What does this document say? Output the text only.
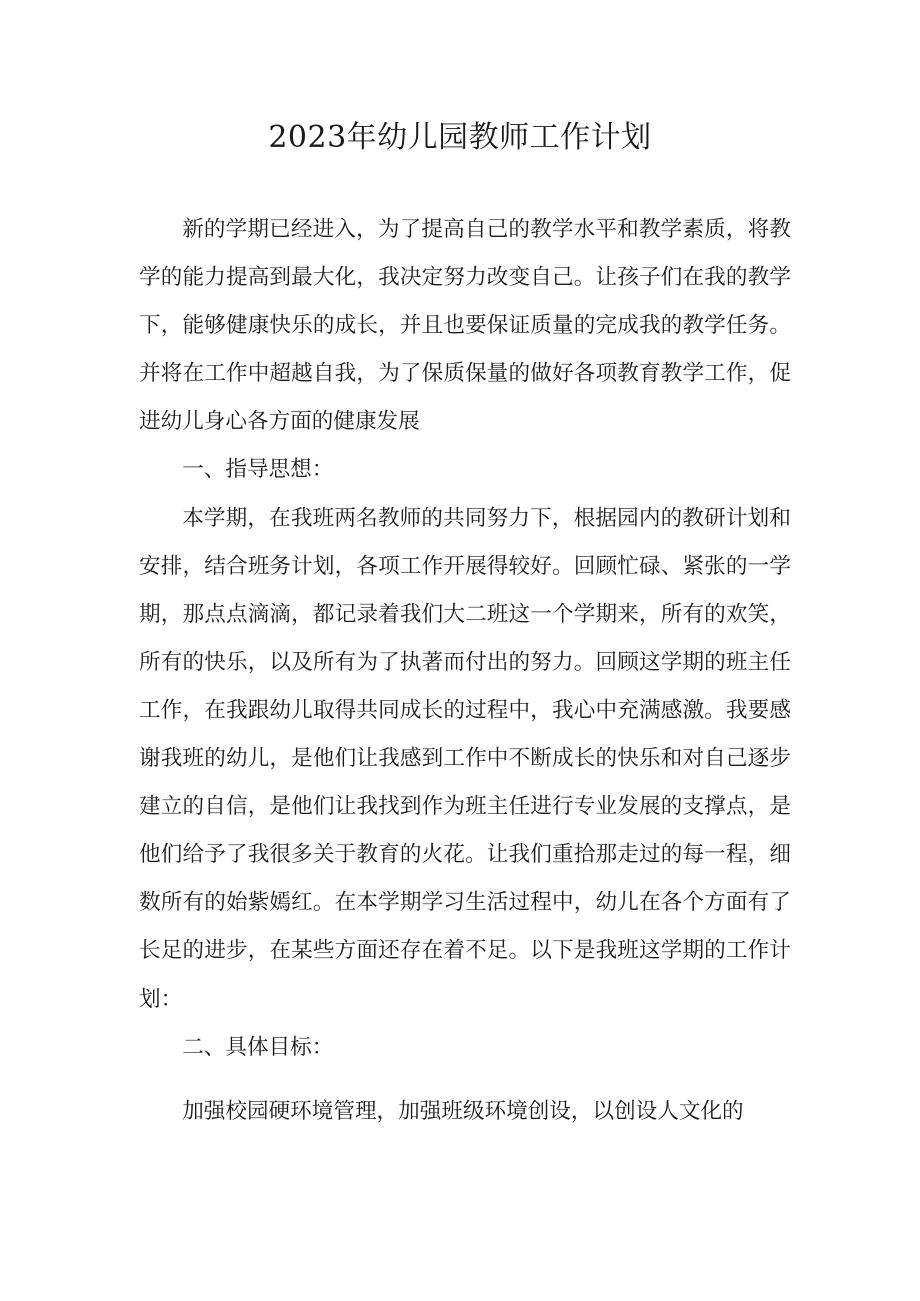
2023年幼儿园教师工作计划

新的学期已经进入，为了提高自己的教学水平和教学素质，将教学的能力提高到最大化，我决定努力改变自己。让孩子们在我的教学下，能够健康快乐的成长，并且也要保证质量的完成我的教学任务。并将在工作中超越自我，为了保质保量的做好各项教育教学工作，促进幼儿身心各方面的健康发展

一、指导思想：

本学期，在我班两名教师的共同努力下，根据园内的教研计划和安排，结合班务计划，各项工作开展得较好。回顾忙碌、紧张的一学期，那点点滴滴，都记录着我们大二班这一个学期来，所有的欢笑，所有的快乐，以及所有为了执著而付出的努力。回顾这学期的班主任工作，在我跟幼儿取得共同成长的过程中，我心中充满感激。我要感谢我班的幼儿，是他们让我感到工作中不断成长的快乐和对自己逐步建立的自信，是他们让我找到作为班主任进行专业发展的支撑点，是他们给予了我很多关于教育的火花。让我们重拾那走过的每一程，细数所有的始紫嫣红。在本学期学习生活过程中，幼儿在各个方面有了长足的进步，在某些方面还存在着不足。以下是我班这学期的工作计划：

二、具体目标：

加强校园硬环境管理，加强班级环境创设，以创设人文化的
